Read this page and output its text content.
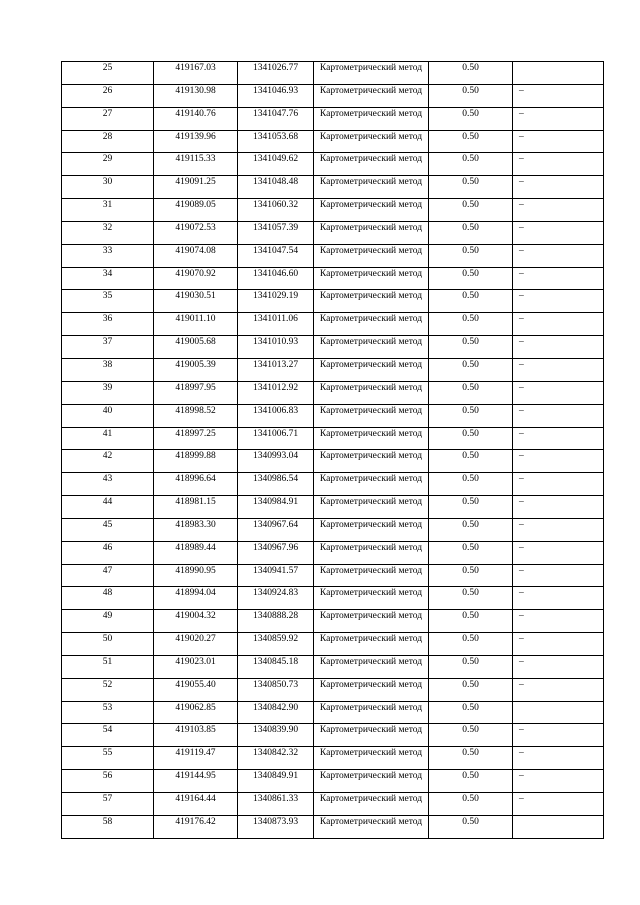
25	419167.03	1341026.77	Картометрический метод	0.50	

26	419130.98	1341046.93	Картометрический метод	0.50	–

27	419140.76	1341047.76	Картометрический метод	0.50	–

28	419139.96	1341053.68	Картометрический метод	0.50	–

29	419115.33	1341049.62	Картометрический метод	0.50	–

30	419091.25	1341048.48	Картометрический метод	0.50	–

31	419089.05	1341060.32	Картометрический метод	0.50	–

32	419072.53	1341057.39	Картометрический метод	0.50	–

33	419074.08	1341047.54	Картометрический метод	0.50	–

34	419070.92	1341046.60	Картометрический метод	0.50	–

35	419030.51	1341029.19	Картометрический метод	0.50	–

36	419011.10	1341011.06	Картометрический метод	0.50	–

37	419005.68	1341010.93	Картометрический метод	0.50	–

38	419005.39	1341013.27	Картометрический метод	0.50	–

39	418997.95	1341012.92	Картометрический метод	0.50	–

40	418998.52	1341006.83	Картометрический метод	0.50	–

41	418997.25	1341006.71	Картометрический метод	0.50	–

42	418999.88	1340993.04	Картометрический метод	0.50	–

43	418996.64	1340986.54	Картометрический метод	0.50	–

44	418981.15	1340984.91	Картометрический метод	0.50	–

45	418983.30	1340967.64	Картометрический метод	0.50	–

46	418989.44	1340967.96	Картометрический метод	0.50	–

47	418990.95	1340941.57	Картометрический метод	0.50	–

48	418994.04	1340924.83	Картометрический метод	0.50	–

49	419004.32	1340888.28	Картометрический метод	0.50	–

50	419020.27	1340859.92	Картометрический метод	0.50	–

51	419023.01	1340845.18	Картометрический метод	0.50	–

52	419055.40	1340850.73	Картометрический метод	0.50	–

53	419062.85	1340842.90	Картометрический метод	0.50	

54	419103.85	1340839.90	Картометрический метод	0.50	–

55	419119.47	1340842.32	Картометрический метод	0.50	–

56	419144.95	1340849.91	Картометрический метод	0.50	–

57	419164.44	1340861.33	Картометрический метод	0.50	–

58	419176.42	1340873.93	Картометрический метод	0.50	
